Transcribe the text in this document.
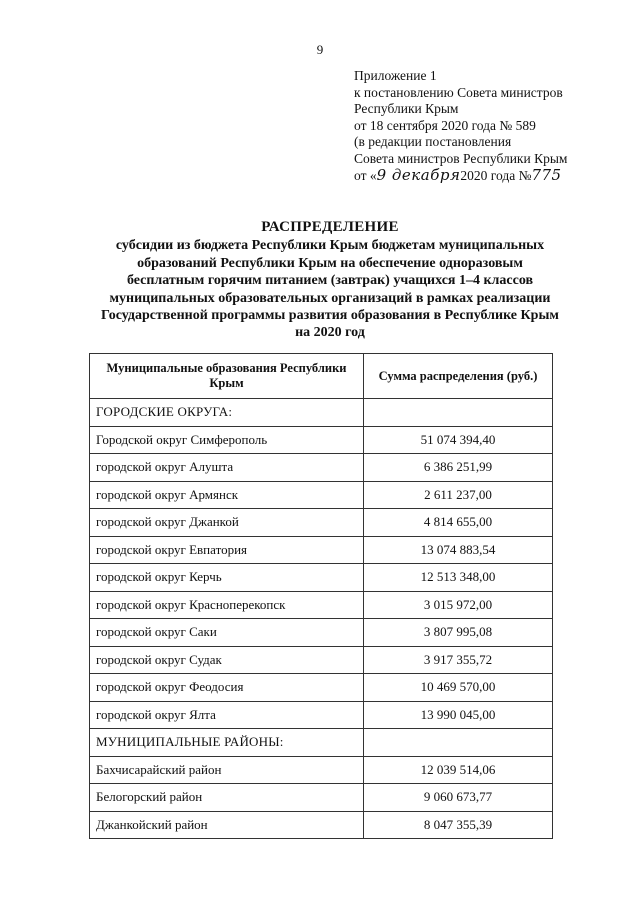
9
Приложение 1
к постановлению Совета министров
Республики Крым
от 18 сентября 2020 года № 589
(в редакции постановления
Совета министров Республики Крым
от «9 декабря2020 года №775
РАСПРЕДЕЛЕНИЕ
субсидии из бюджета Республики Крым бюджетам муниципальных
образований Республики Крым на обеспечение одноразовым
бесплатным горячим питанием (завтрак) учащихся 1–4 классов
муниципальных образовательных организаций в рамках реализации
Государственной программы развития образования в Республике Крым
на 2020 год
Муниципальные образования Республики Крым	Сумма распределения (руб.)
ГОРОДСКИЕ ОКРУГА:	
Городской округ Симферополь	51 074 394,40
городской округ Алушта	6 386 251,99
городской округ Армянск	2 611 237,00
городской округ Джанкой	4 814 655,00
городской округ Евпатория	13 074 883,54
городской округ Керчь	12 513 348,00
городской округ Красноперекопск	3 015 972,00
городской округ Саки	3 807 995,08
городской округ Судак	3 917 355,72
городской округ Феодосия	10 469 570,00
городской округ Ялта	13 990 045,00
МУНИЦИПАЛЬНЫЕ РАЙОНЫ:	
Бахчисарайский район	12 039 514,06
Белогорский район	9 060 673,77
Джанкойский район	8 047 355,39
